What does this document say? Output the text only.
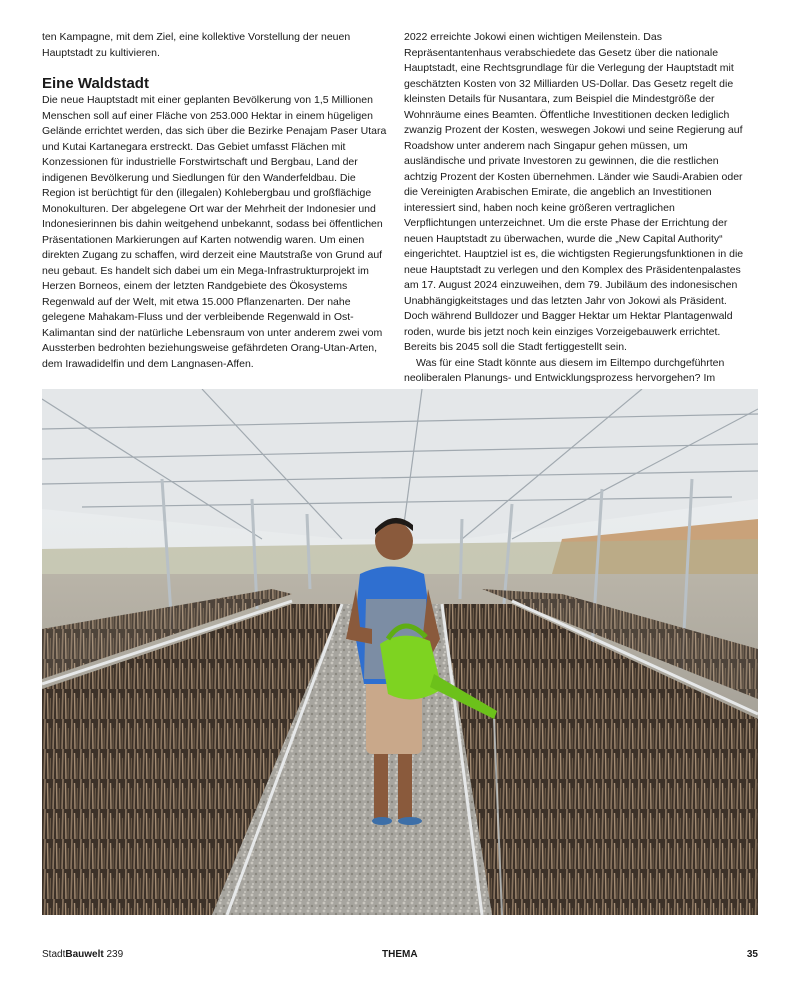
ten Kampagne, mit dem Ziel, eine kollektive Vorstellung der neuen Hauptstadt zu kultivieren.

Eine Waldstadt

Die neue Hauptstadt mit einer geplanten Bevölkerung von 1,5 Millionen Menschen soll auf einer Fläche von 253.000 Hektar in einem hügeligen Gelände errichtet werden, das sich über die Bezirke Penajam Paser Utara und Kutai Kartanegara erstreckt. Das Gebiet umfasst Flächen mit Konzessionen für industrielle Forstwirtschaft und Bergbau, Land der indigenen Bevölkerung und Siedlungen für den Wanderfeldbau. Die Region ist berüchtigt für den (illegalen) Kohlebergbau und großflächige Monokulturen. Der abgelegene Ort war der Mehrheit der Indonesier und Indonesierinnen bis dahin weitgehend unbekannt, sodass bei öffentlichen Präsentationen Markierungen auf Karten notwendig waren. Um einen direkten Zugang zu schaffen, wird derzeit eine Mautstraße von Grund auf neu gebaut. Es handelt sich dabei um ein Mega-Infrastrukturprojekt im Herzen Borneos, einem der letzten Randgebiete des Ökosystems Regenwald auf der Welt, mit etwa 15.000 Pflanzenarten. Der nahe gelegene Mahakam-Fluss und der verbleibende Regenwald in Ost-Kalimantan sind der natürliche Lebensraum von unter anderem zwei vom Aussterben bedrohten beziehungsweise gefährdeten Orang-Utan-Arten, dem Irawadidelfin und dem Langnasen-Affen.

2022 erreichte Jokowi einen wichtigen Meilenstein. Das Repräsentantenhaus verabschiedete das Gesetz über die nationale Hauptstadt, eine Rechtsgrundlage für die Verlegung der Hauptstadt mit geschätzten Kosten von 32 Milliarden US-Dollar. Das Gesetz regelt die kleinsten Details für Nusantara, zum Beispiel die Mindestgröße der Wohnräume eines Beamten. Öffentliche Investitionen decken lediglich zwanzig Prozent der Kosten, weswegen Jokowi und seine Regierung auf Roadshow unter anderem nach Singapur gehen müssen, um ausländische und private Investoren zu gewinnen, die die restlichen achtzig Prozent der Kosten übernehmen. Länder wie Saudi-Arabien oder die Vereinigten Arabischen Emirate, die angeblich an Investitionen interessiert sind, haben noch keine größeren vertraglichen Verpflichtungen unterzeichnet. Um die erste Phase der Errichtung der neuen Hauptstadt zu überwachen, wurde die „New Capital Authority“ eingerichtet. Hauptziel ist es, die wichtigsten Regierungsfunktionen in die neue Hauptstadt zu verlegen und den Komplex des Präsidentenpalastes am 17. August 2024 einzuweihen, dem 79. Jubiläum des indonesischen Unabhängigkeitstages und das letzten Jahr von Jokowi als Präsident. Doch während Bulldozer und Bagger Hektar um Hektar Plantagenwald roden, wurde bis jetzt noch kein einziges Vorzeigebauwerk errichtet. Bereits bis 2045 soll die Stadt fertiggestellt sein.

Was für eine Stadt könnte aus diesem im Eiltempo durchgeführten neoliberalen Planungs- und Entwicklungsprozess hervorgehen? Im

StadtBauwelt 239	THEMA	35
